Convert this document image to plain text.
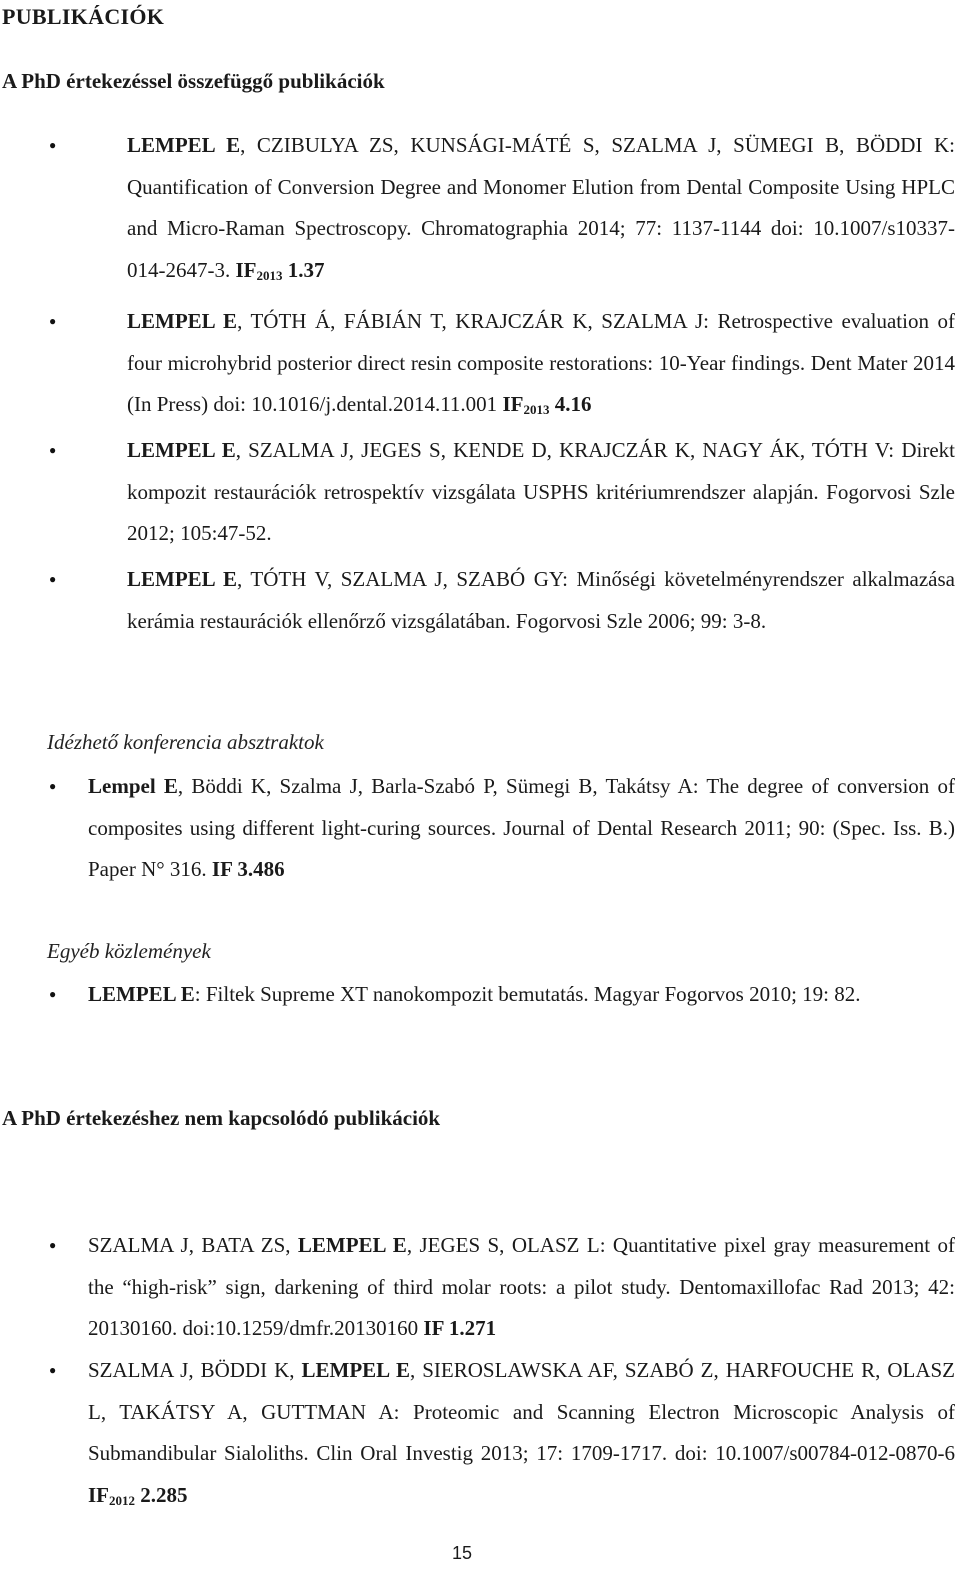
PUBLIKÁCIÓK
A PhD értekezéssel összefüggő publikációk
●	LEMPEL E, CZIBULYA ZS, KUNSÁGI-MÁTÉ S, SZALMA J, SÜMEGI B, BÖDDI K: Quantification of Conversion Degree and Monomer Elution from Dental Composite Using HPLC and Micro-Raman Spectroscopy. Chromatographia 2014; 77: 1137-1144 doi: 10.1007/s10337-014-2647-3. $IF_{2013}$ 1.37
●	LEMPEL E, TÓTH Á, FÁBIÁN T, KRAJCZÁR K, SZALMA J: Retrospective evaluation of four microhybrid posterior direct resin composite restorations: 10-Year findings. Dent Mater 2014 (In Press) doi: 10.1016/j.dental.2014.11.001 $IF_{2013}$ 4.16
●	LEMPEL E, SZALMA J, JEGES S, KENDE D, KRAJCZÁR K, NAGY ÁK, TÓTH V: Direkt kompozit restaurációk retrospektív vizsgálata USPHS kritériumrendszer alapján. Fogorvosi Szle 2012; 105:47-52.
●	LEMPEL E, TÓTH V, SZALMA J, SZABÓ GY: Minőségi követelményrendszer alkalmazása kerámia restaurációk ellenőrző vizsgálatában. Fogorvosi Szle 2006; 99: 3-8.
Idézhető konferencia absztraktok
● Lempel E, Böddi K, Szalma J, Barla-Szabó P, Sümegi B, Takátsy A: The degree of conversion of composites using different light-curing sources. Journal of Dental Research 2011; 90: (Spec. Iss. B.) Paper N° 316. IF 3.486
Egyéb közlemények
● LEMPEL E: Filtek Supreme XT nanokompozit bemutatás. Magyar Fogorvos 2010; 19: 82.
A PhD értekezéshez nem kapcsolódó publikációk
● SZALMA J, BATA ZS, LEMPEL E, JEGES S, OLASZ L: Quantitative pixel gray measurement of the “high-risk” sign, darkening of third molar roots: a pilot study. Dentomaxillofac Rad 2013; 42: 20130160. doi:10.1259/dmfr.20130160 IF 1.271
● SZALMA J, BÖDDI K, LEMPEL E, SIEROSLAWSKA AF, SZABÓ Z, HARFOUCHE R, OLASZ L, TAKÁTSY A, GUTTMAN A: Proteomic and Scanning Electron Microscopic Analysis of Submandibular Sialoliths. Clin Oral Investig 2013; 17: 1709-1717. doi: 10.1007/s00784-012-0870-6 $IF_{2012}$ 2.285
15
